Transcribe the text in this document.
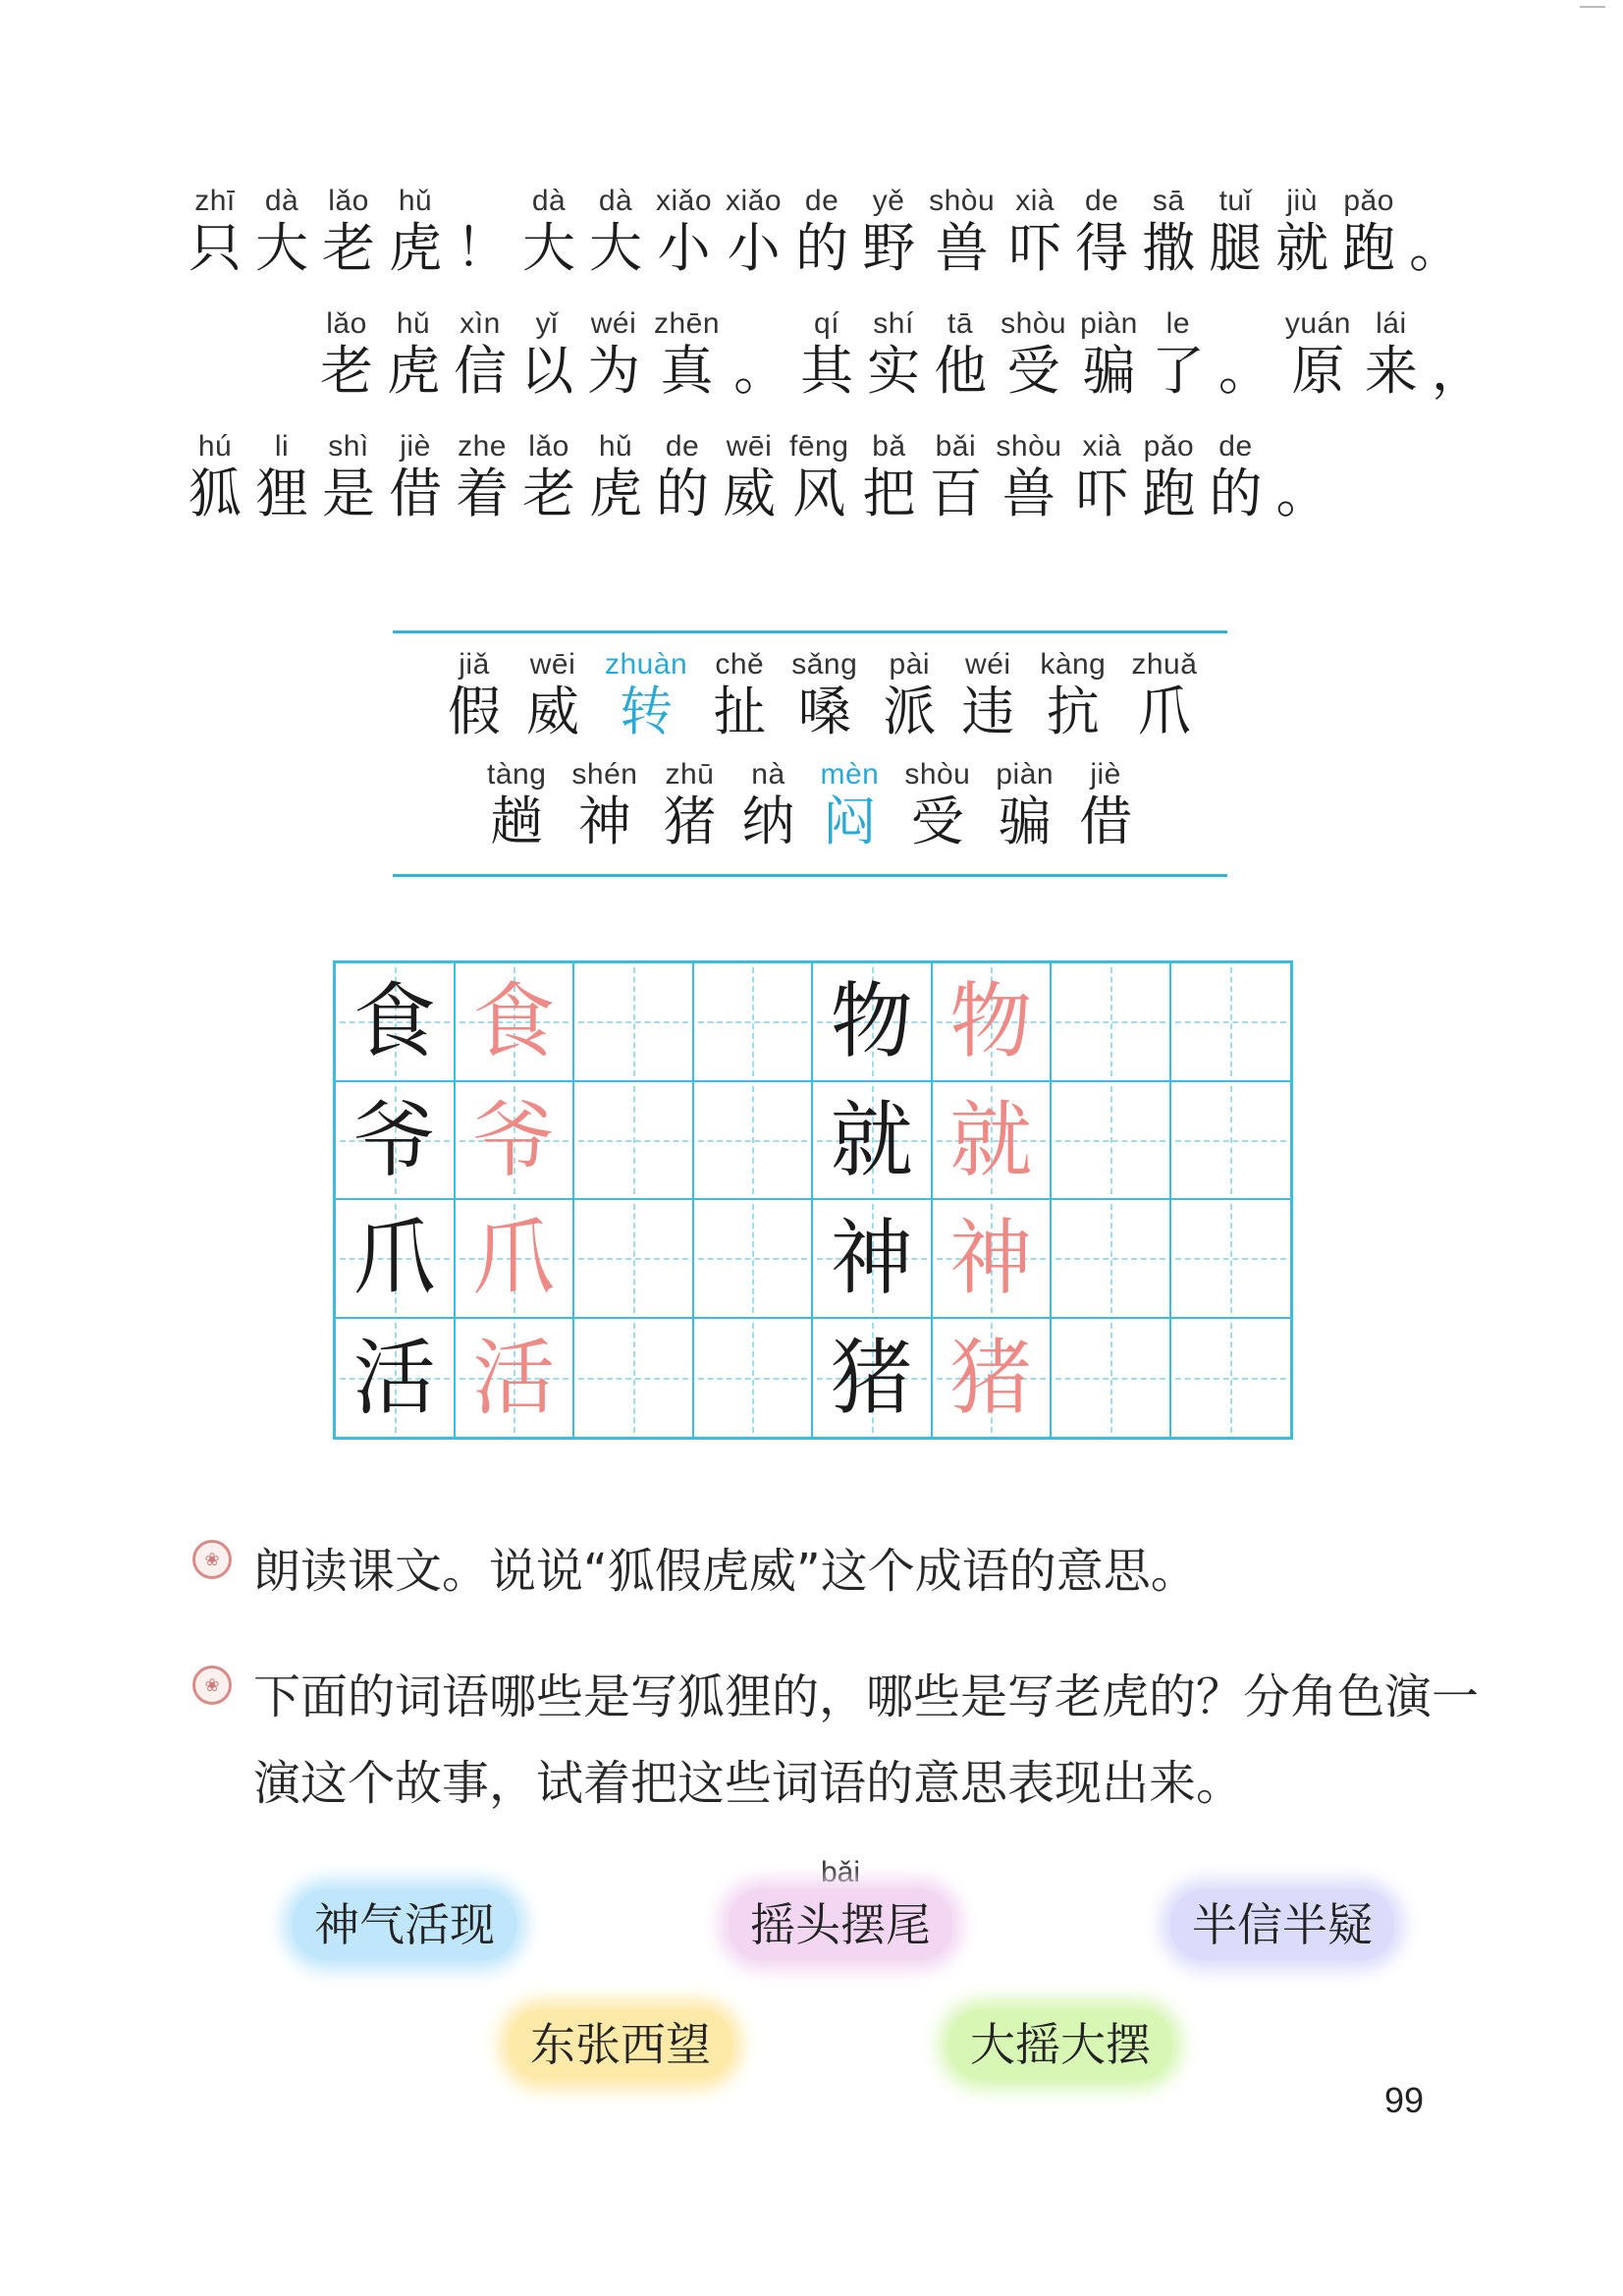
zhī
只
dà
大
lǎo
老
hǔ
虎 ！
dà
大
dà
大
xiǎo
小
xiǎo
小
de
的
yě
野
shòu
兽
xià
吓
de
得
sā
撒
tuǐ
腿
jiù
就
pǎo
跑 。
lǎo
老
hǔ
虎
xìn
信
yǐ
以
wéi
为
zhēn
真 。
qí
其
shí
实
tā
他
shòu
受
piàn
骗
le
了 。
yuán
原
lái
来 ，
hú
狐
li
狸
shì
是
jiè
借
zhe
着
lǎo
老
hǔ
虎
de
的
wēi
威
fēng
风
bǎ
把
bǎi
百
shòu
兽
xià
吓
pǎo
跑
de
的 。
jiǎ
假
wēi
威
zhuàn
转
chě
扯
sǎng
嗓
pài
派
wéi
违
kàng
抗
zhuǎ
爪
tàng
趟
shén
神
zhū
猪
nà
纳
mèn
闷
shòu
受
piàn
骗
jiè
借
食 食	物 物
爷 爷	就 就
爪 爪	神 神
活 活	猪 猪
❀ 朗读课文。说说“狐假虎威”这个成语的意思。
❀ 下面的词语哪些是写狐狸的，哪些是写老虎的？分角色演一演这个故事，试着把这些词语的意思表现出来。
神气活现
bǎi
摇头摆尾	半信半疑
东张西望	大摇大摆
99
